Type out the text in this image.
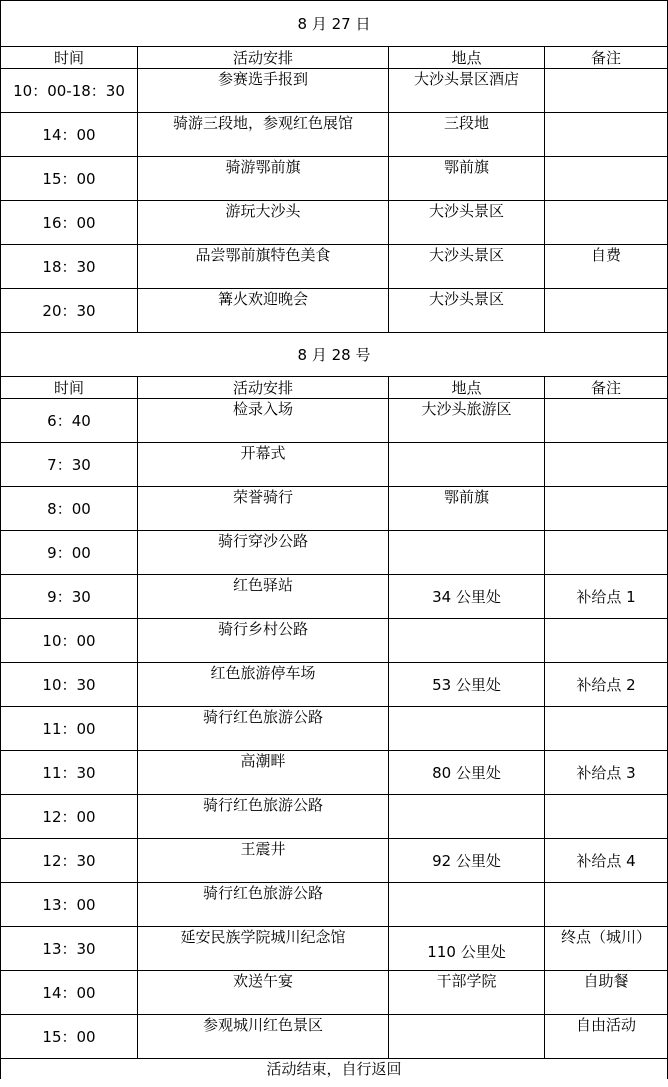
8 月 27 日			
时间	活动安排	地点	备注
10：00-18：30	参赛选手报到	大沙头景区酒店	
14：00	骑游三段地，参观红色展馆	三段地	
15：00	骑游鄂前旗	鄂前旗	
16：00	游玩大沙头	大沙头景区	
18：30	品尝鄂前旗特色美食	大沙头景区	自费
20：30	篝火欢迎晚会	大沙头景区	
8 月 28 号			
时间	活动安排	地点	备注
6：40	检录入场	大沙头旅游区	
7：30	开幕式		
8：00	荣誉骑行	鄂前旗	
9：00	骑行穿沙公路		
9：30	红色驿站	34 公里处	补给点 1
10：00	骑行乡村公路		
10：30	红色旅游停车场	53 公里处	补给点 2
11：00	骑行红色旅游公路		
11：30	高潮畔	80 公里处	补给点 3
12：00	骑行红色旅游公路		
12：30	王震井	92 公里处	补给点 4
13：00	骑行红色旅游公路		
13：30	延安民族学院城川纪念馆	110 公里处	终点（城川）
14：00	欢送午宴	干部学院	自助餐
15：00	参观城川红色景区		自由活动
活动结束，自行返回			
